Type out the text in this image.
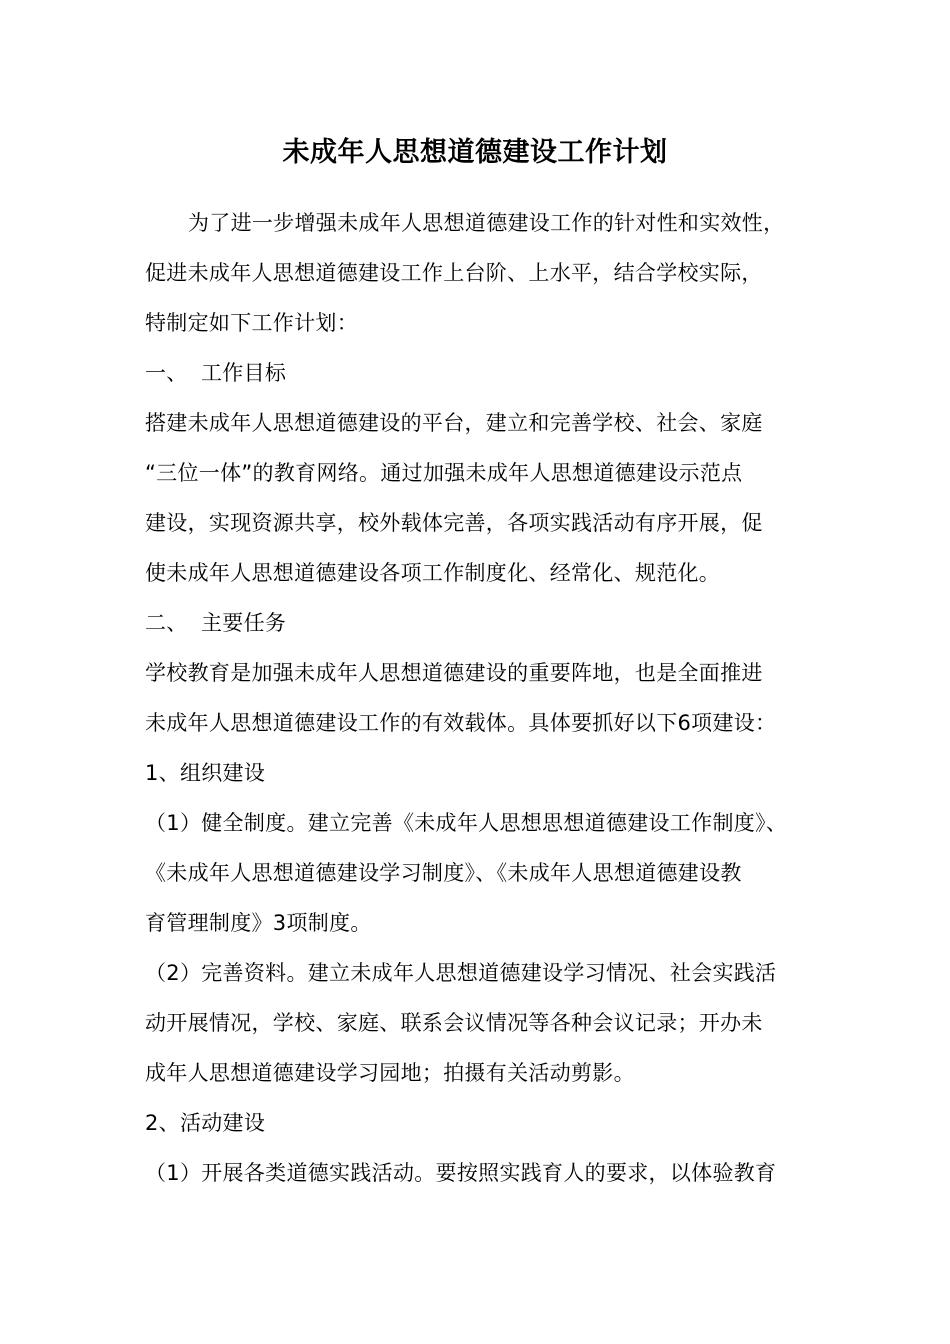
未成年人思想道德建设工作计划
为了进一步增强未成年人思想道德建设工作的针对性和实效性，
促进未成年人思想道德建设工作上台阶、上水平，结合学校实际，
特制定如下工作计划：
一、 工作目标
搭建未成年人思想道德建设的平台，建立和完善学校、社会、家庭
“三位一体”的教育网络。通过加强未成年人思想道德建设示范点
建设，实现资源共享，校外载体完善，各项实践活动有序开展，促
使未成年人思想道德建设各项工作制度化、经常化、规范化。
二、 主要任务
学校教育是加强未成年人思想道德建设的重要阵地，也是全面推进
未成年人思想道德建设工作的有效载体。具体要抓好以下6项建设：
1、组织建设
（1）健全制度。建立完善《未成年人思想思想道德建设工作制度》、
《未成年人思想道德建设学习制度》、《未成年人思想道德建设教
育管理制度》3项制度。
（2）完善资料。建立未成年人思想道德建设学习情况、社会实践活
动开展情况，学校、家庭、联系会议情况等各种会议记录；开办未
成年人思想道德建设学习园地；拍摄有关活动剪影。
2、活动建设
（1）开展各类道德实践活动。要按照实践育人的要求，以体验教育
